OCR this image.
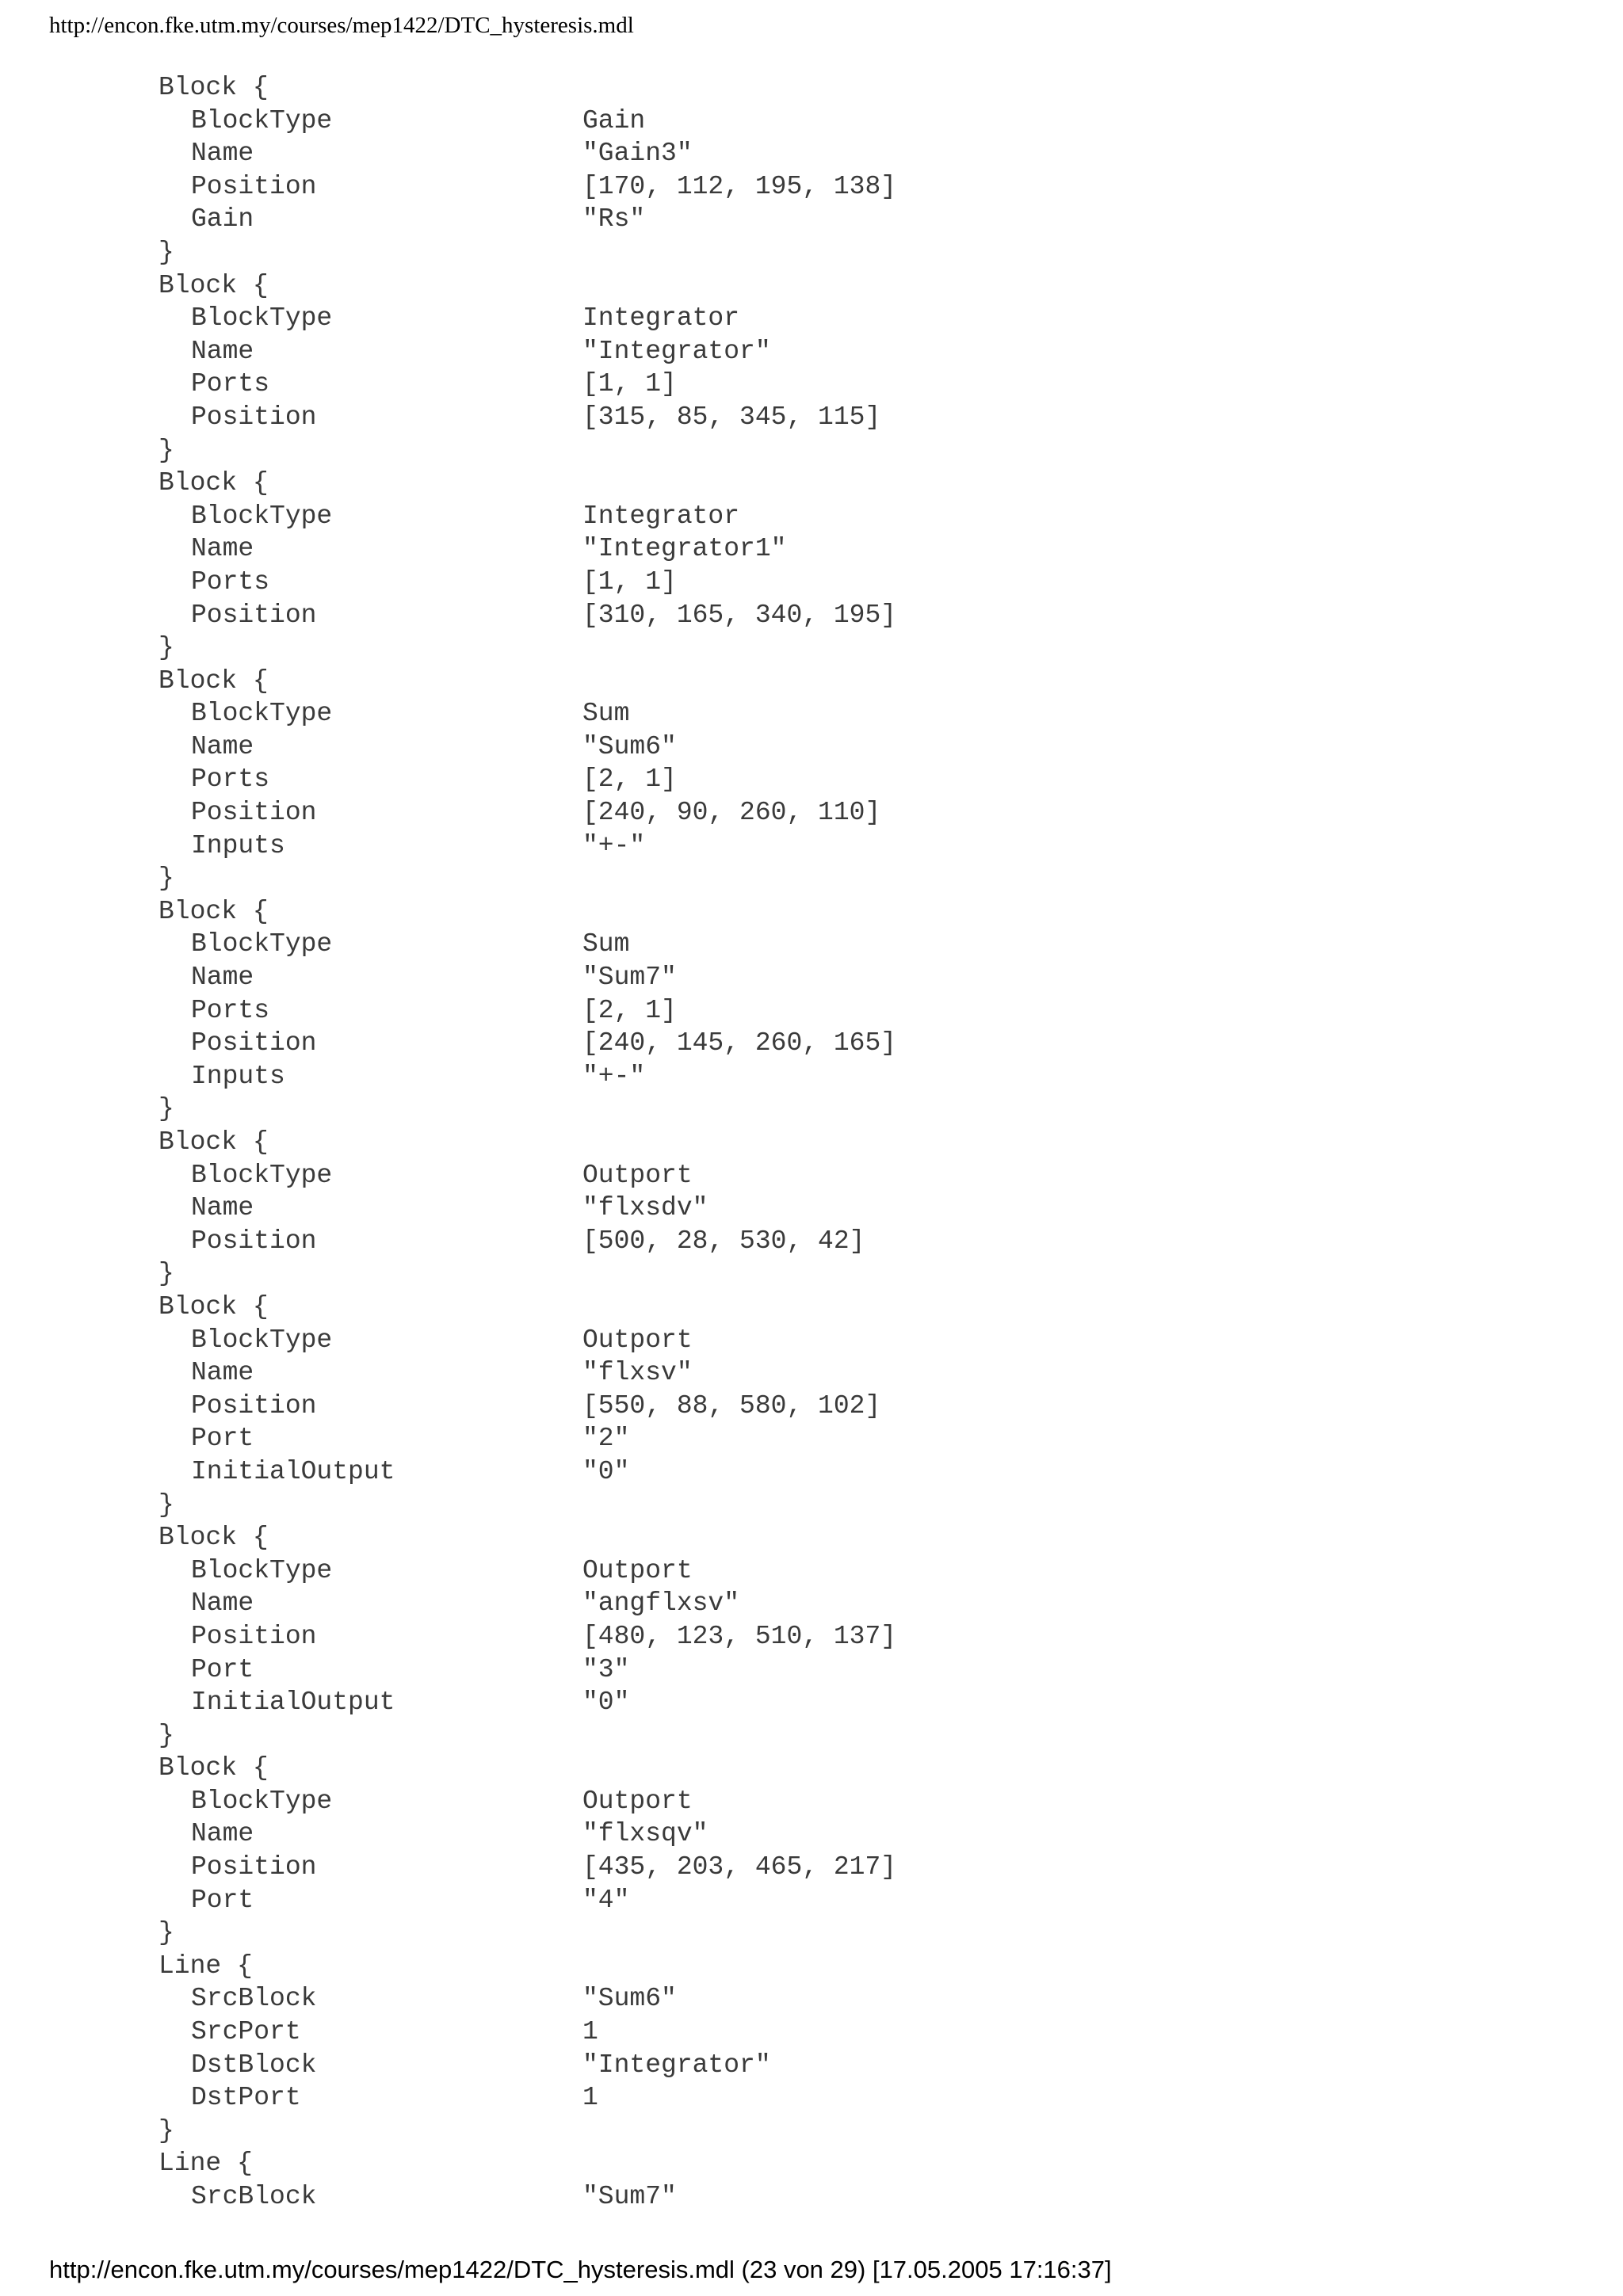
http://encon.fke.utm.my/courses/mep1422/DTC_hysteresis.mdl
Block {
BlockType	Gain
Name	"Gain3"
Position	[170, 112, 195, 138]
Gain	"Rs"
}
Block {
BlockType	Integrator
Name	"Integrator"
Ports	[1, 1]
Position	[315, 85, 345, 115]
}
Block {
BlockType	Integrator
Name	"Integrator1"
Ports	[1, 1]
Position	[310, 165, 340, 195]
}
Block {
BlockType	Sum
Name	"Sum6"
Ports	[2, 1]
Position	[240, 90, 260, 110]
Inputs	"+-"
}
Block {
BlockType	Sum
Name	"Sum7"
Ports	[2, 1]
Position	[240, 145, 260, 165]
Inputs	"+-"
}
Block {
BlockType	Outport
Name	"flxsdv"
Position	[500, 28, 530, 42]
}
Block {
BlockType	Outport
Name	"flxsv"
Position	[550, 88, 580, 102]
Port	"2"
InitialOutput	"0"
}
Block {
BlockType	Outport
Name	"angflxsv"
Position	[480, 123, 510, 137]
Port	"3"
InitialOutput	"0"
}
Block {
BlockType	Outport
Name	"flxsqv"
Position	[435, 203, 465, 217]
Port	"4"
}
Line {
SrcBlock	"Sum6"
SrcPort	1
DstBlock	"Integrator"
DstPort	1
}
Line {
SrcBlock	"Sum7"
http://encon.fke.utm.my/courses/mep1422/DTC_hysteresis.mdl (23 von 29) [17.05.2005 17:16:37]
